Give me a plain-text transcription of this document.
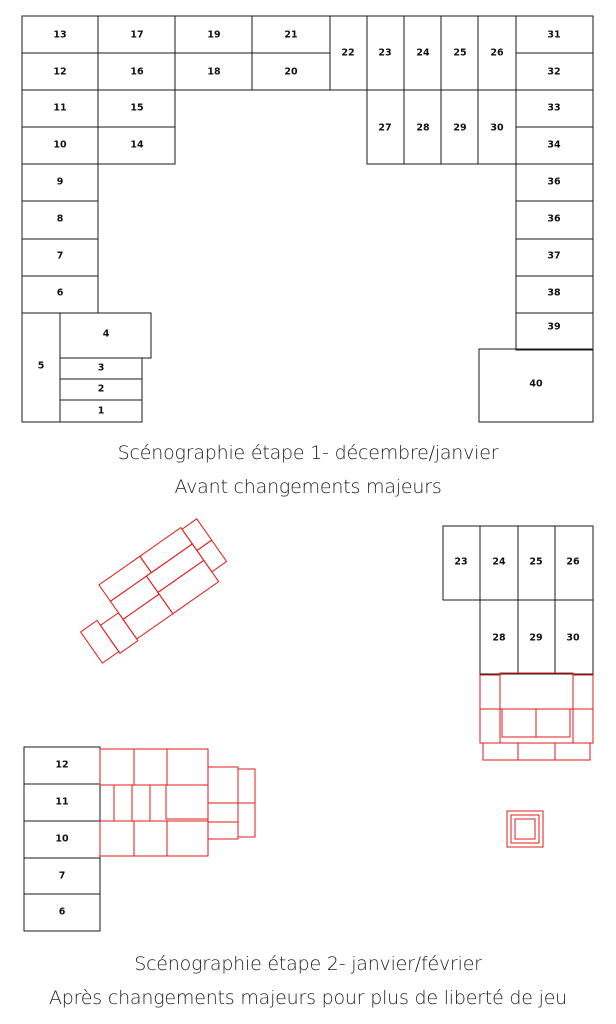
13	17	19	21
22	23	24	25	26
31
12	16	18	20	32
11	15
27	28	29	30
33
10	14	34
9	36
8	36
7	37
6	38
4
39
5	3
2	40
1
23	24	25	26
28	29	30
12
11
10
7
6
Scénographie étape 1- décembre/janvier
Avant changements majeurs
Scénographie étape 2- janvier/février
Après changements majeurs pour plus de liberté de jeu
